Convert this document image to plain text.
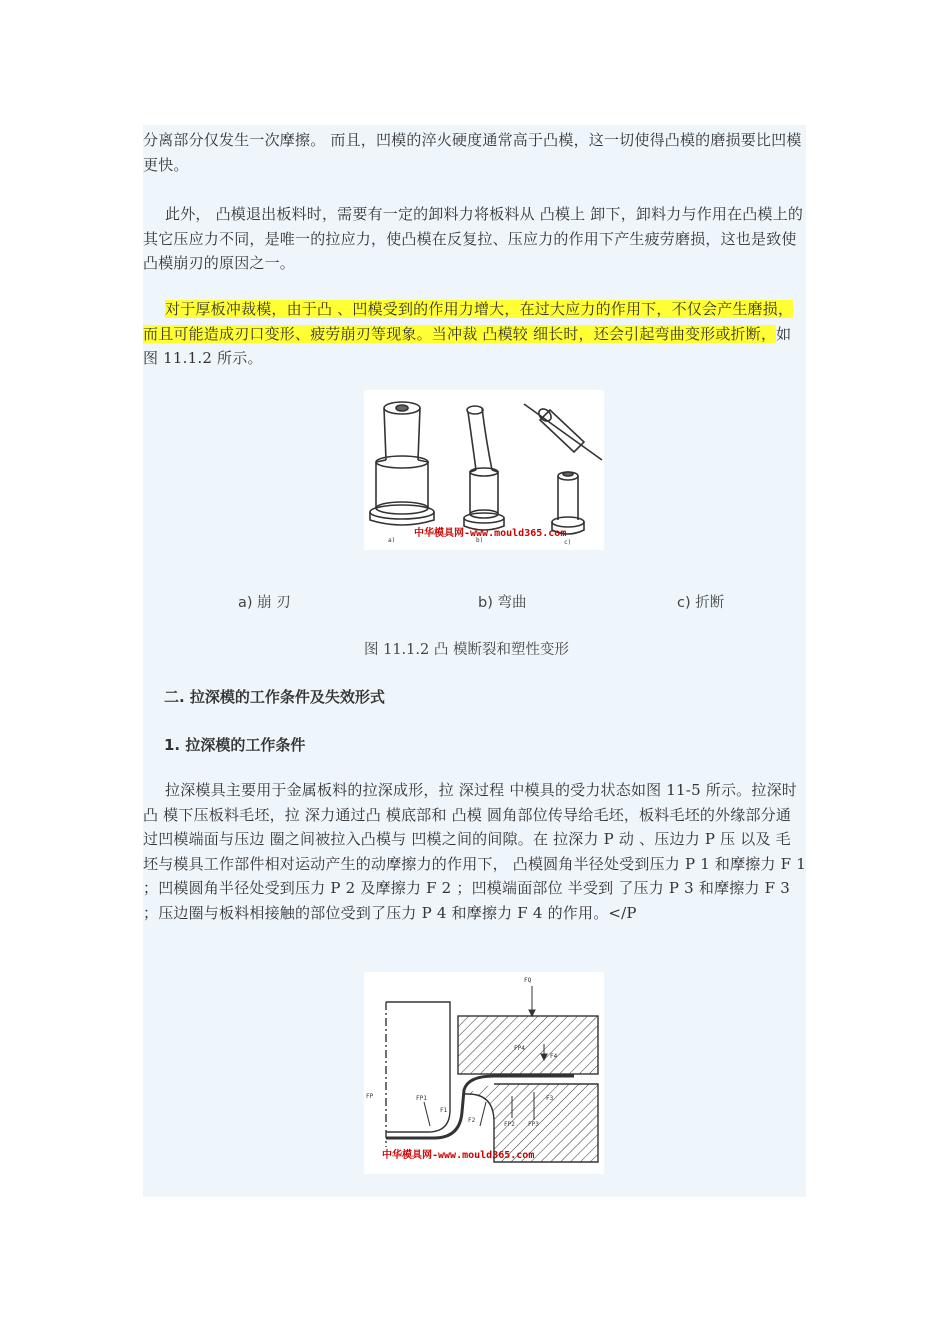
分离部分仅发生一次摩擦。 而且，凹模的淬火硬度通常高于凸模，这一切使得凸模的磨损要比凹模更快。

此外， 凸模退出板料时，需要有一定的卸料力将板料从 凸模上 卸下，卸料力与作用在凸模上的其它压应力不同，是唯一的拉应力，使凸模在反复拉、压应力的作用下产生疲劳磨损，这也是致使凸模崩刃的原因之一。

对于厚板冲裁模，由于凸 、凹模受到的作用力增大，在过大应力的作用下，不仅会产生磨损，而且可能造成刃口变形、疲劳崩刃等现象。当冲裁 凸模较 细长时，还会引起弯曲变形或折断，如图 11.1.2 所示。

中华模具网-www.mould365.com
a)	b)	c)
a) 崩 刃	b) 弯曲	c) 折断
图 11.1.2 凸 模断裂和塑性变形
二. 拉深模的工作条件及失效形式
1. 拉深模的工作条件

拉深模具主要用于金属板料的拉深成形，拉 深过程 中模具的受力状态如图 11-5 所示。拉深时 凸 模下压板料毛坯，拉 深力通过凸 模底部和 凸模 圆角部位传导给毛坯，板料毛坯的外缘部分通过凹模端面与压边 圈之间被拉入凸模与 凹模之间的间隙。在 拉深力 P 动 、压边力 P 压 以及 毛坯与模具工作部件相对运动产生的动摩擦力的作用下， 凸模圆角半径处受到压力 P 1 和摩擦力 F 1 ；凹模圆角半径处受到压力 P 2 及摩擦力 F 2 ；凹模端面部位 半受到 了压力 P 3 和摩擦力 F 3 ；压边圈与板料相接触的部位受到了压力 P 4 和摩擦力 F 4 的作用。</P

FQ
FP
FP4
F4
F3
FP1
F1
F2
FP2 FP3
中华模具网-www.mould365.com
